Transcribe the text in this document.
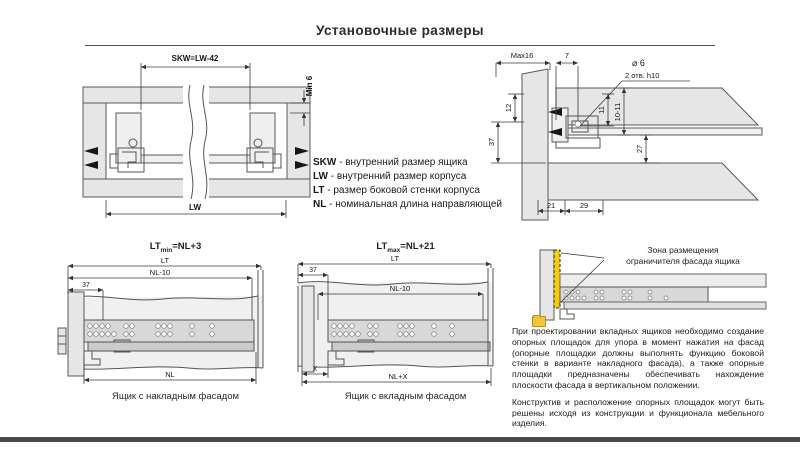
Установочные размеры
SKW=LW-42
Min 6
LW
SKW - внутренний размер ящика
LW - внутренний размер корпуса
LT - размер боковой стенки корпуса
NL - номинальная длина направляющей
Max16	7
⌀ 6
2 отв. h10
12
37
11 10-11
27
21	29
$LT_{min}=NL+3$
LT
NL-10
37
NL
Ящик с накладным фасадом
$LT_{max}=NL+21$
LT
37
NL-10
X
NL+X
Ящик с вкладным фасадом
Зона размещения
ограничителя фасада ящика

При проектировании вкладных ящиков необходимо создание опорных площадок для упора в момент нажатия на фасад (опорные площадки должны выполнять функцию боковой стенки в варианте накладного фасада), а также опорные площадки предназначены обеспечивать нахождение плоскости фасада в вертикальном положении.

Конструктив и расположение опорных площадок могут быть решены исходя из конструкции и функционала мебельного изделия.
